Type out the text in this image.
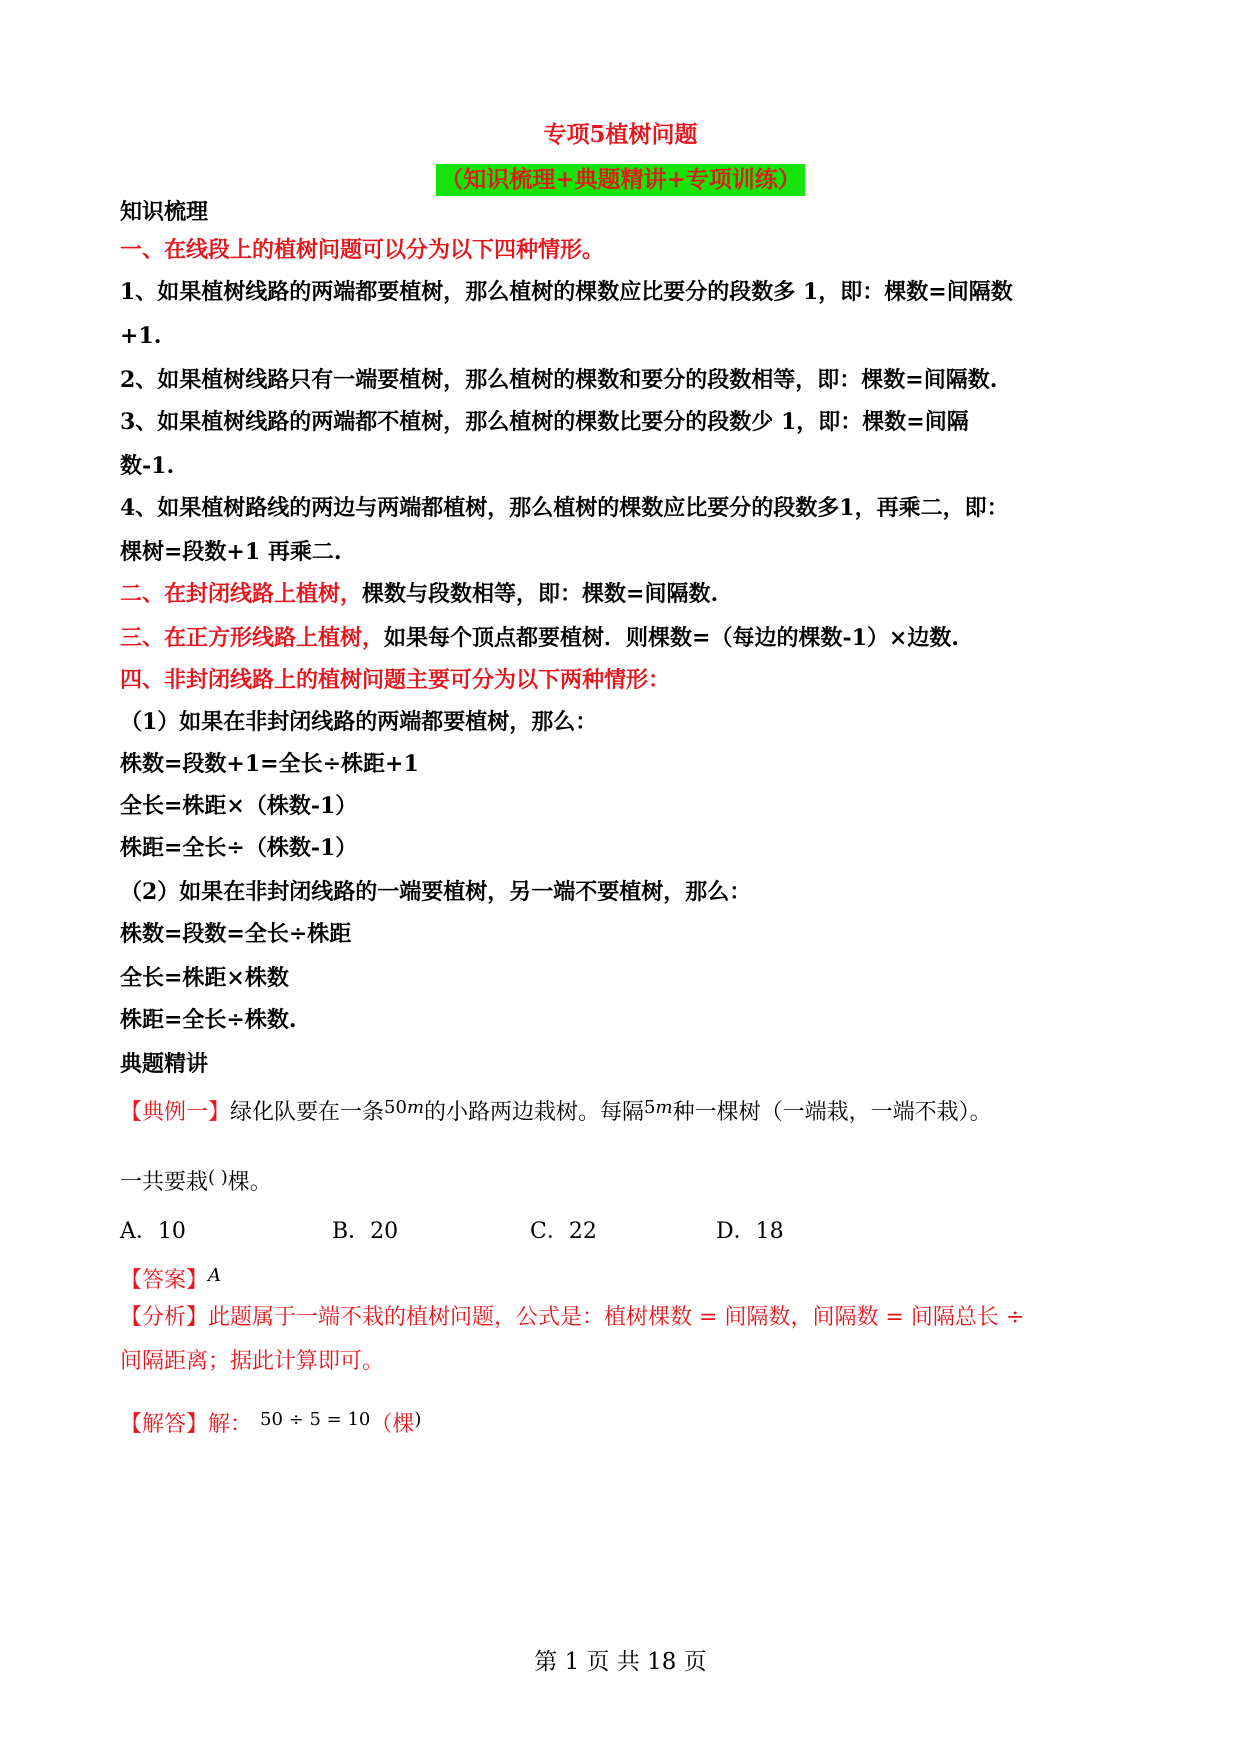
专项5植树问题
（知识梳理+典题精讲+专项训练）
知识梳理
一、在线段上的植树问题可以分为以下四种情形。
1、如果植树线路的两端都要植树，那么植树的棵数应比要分的段数多 1，即：棵数=间隔数
+1.
2、如果植树线路只有一端要植树，那么植树的棵数和要分的段数相等，即：棵数=间隔数.
3、如果植树线路的两端都不植树，那么植树的棵数比要分的段数少 1，即：棵数=间隔
数-1.
4、如果植树路线的两边与两端都植树，那么植树的棵数应比要分的段数多1，再乘二，即：
棵树=段数+1 再乘二.
二、在封闭线路上植树，棵数与段数相等，即：棵数=间隔数.
三、在正方形线路上植树，如果每个顶点都要植树．则棵数=（每边的棵数-1）×边数.
四、非封闭线路上的植树问题主要可分为以下两种情形：
（1）如果在非封闭线路的两端都要植树，那么：
株数=段数+1=全长÷株距+1
全长=株距×（株数-1）
株距=全长÷（株数-1）
（2）如果在非封闭线路的一端要植树，另一端不要植树，那么：
株数=段数=全长÷株距
全长=株距×株数
株距=全长÷株数.
典题精讲
【典例一】绿化队要在一条$^{50m}$的小路两边栽树。每隔$^{5m}$种一棵树（一端栽，一端不栽）。
一共要栽( )棵。
A．10	B．20	C．22	D．18
【答案】$^A$
【分析】此题属于一端不栽的植树问题，公式是：植树棵数 = 间隔数，间隔数 = 间隔总长 ÷
间隔距离；据此计算即可。
【解答】解： $^{50 \div 5 = 10}$（棵)
第 1 页 共 18 页
